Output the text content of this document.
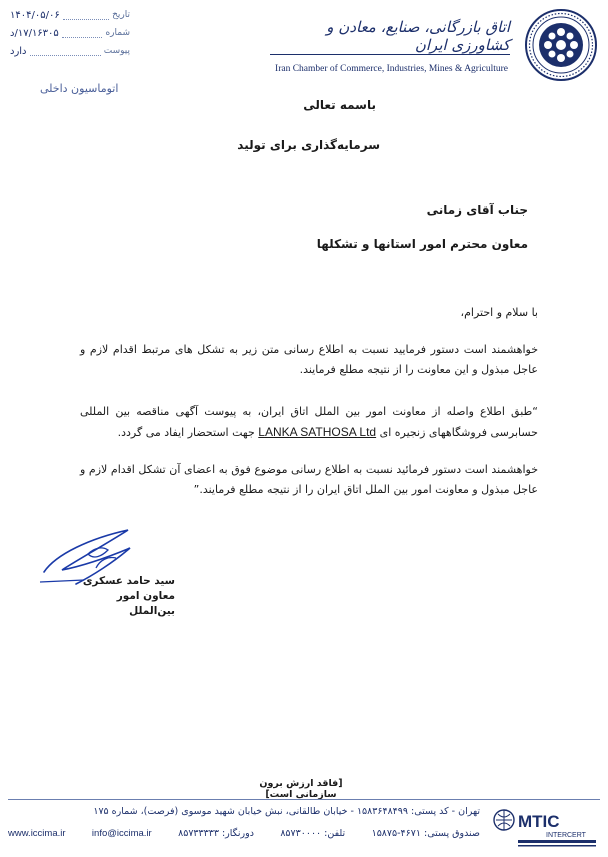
تاریخ
۱۴۰۴/۰۵/۰۶
شماره
۱۷/۱۶۳۰۵/د
پیوست
دارد
اتاق بازرگانی، صنایع، معادن و کشاورزی ایران
Iran Chamber of Commerce, Industries, Mines & Agriculture
اتوماسیون داخلی
باسمه تعالی
سرمایه‌گذاری برای تولید
جناب آقای زمانی
معاون محترم امور استانها و تشکلها
با سلام و احترام،
خواهشمند است دستور فرمایید نسبت به اطلاع رسانی متن زیر به تشکل های مرتبط اقدام لازم و عاجل مبذول و این معاونت را از نتیجه مطلع فرمایند.
“طبق اطلاع واصله از معاونت امور بین الملل اتاق ایران، به پیوست آگهی مناقصه بین المللی حسابرسی فروشگاههای زنجیره ای LANKA SATHOSA Ltd جهت استحضار ایفاد می گردد.
خواهشمند است دستور فرمائید نسبت به اطلاع رسانی موضوع فوق به اعضای آن تشکل اقدام لازم و عاجل مبذول و معاونت امور بین الملل اتاق ایران را از نتیجه مطلع فرمایند.”
سید حامد عسکری
معاون امور بین‌الملل
[فاقد ارزش برون سازمانی است]
تهران - کد پستی: ۱۵۸۳۶۴۸۴۹۹ - خیابان طالقانی، نبش خیابان شهید موسوی (فرصت)، شماره ۱۷۵
www.iccima.ir	info@iccima.ir	دورنگار: ۸۵۷۳۳۳۳۳	تلفن: ۸۵۷۳۰۰۰۰	صندوق پستی: ۴۶۷۱-۱۵۸۷۵
MTIC
INTERCERT
